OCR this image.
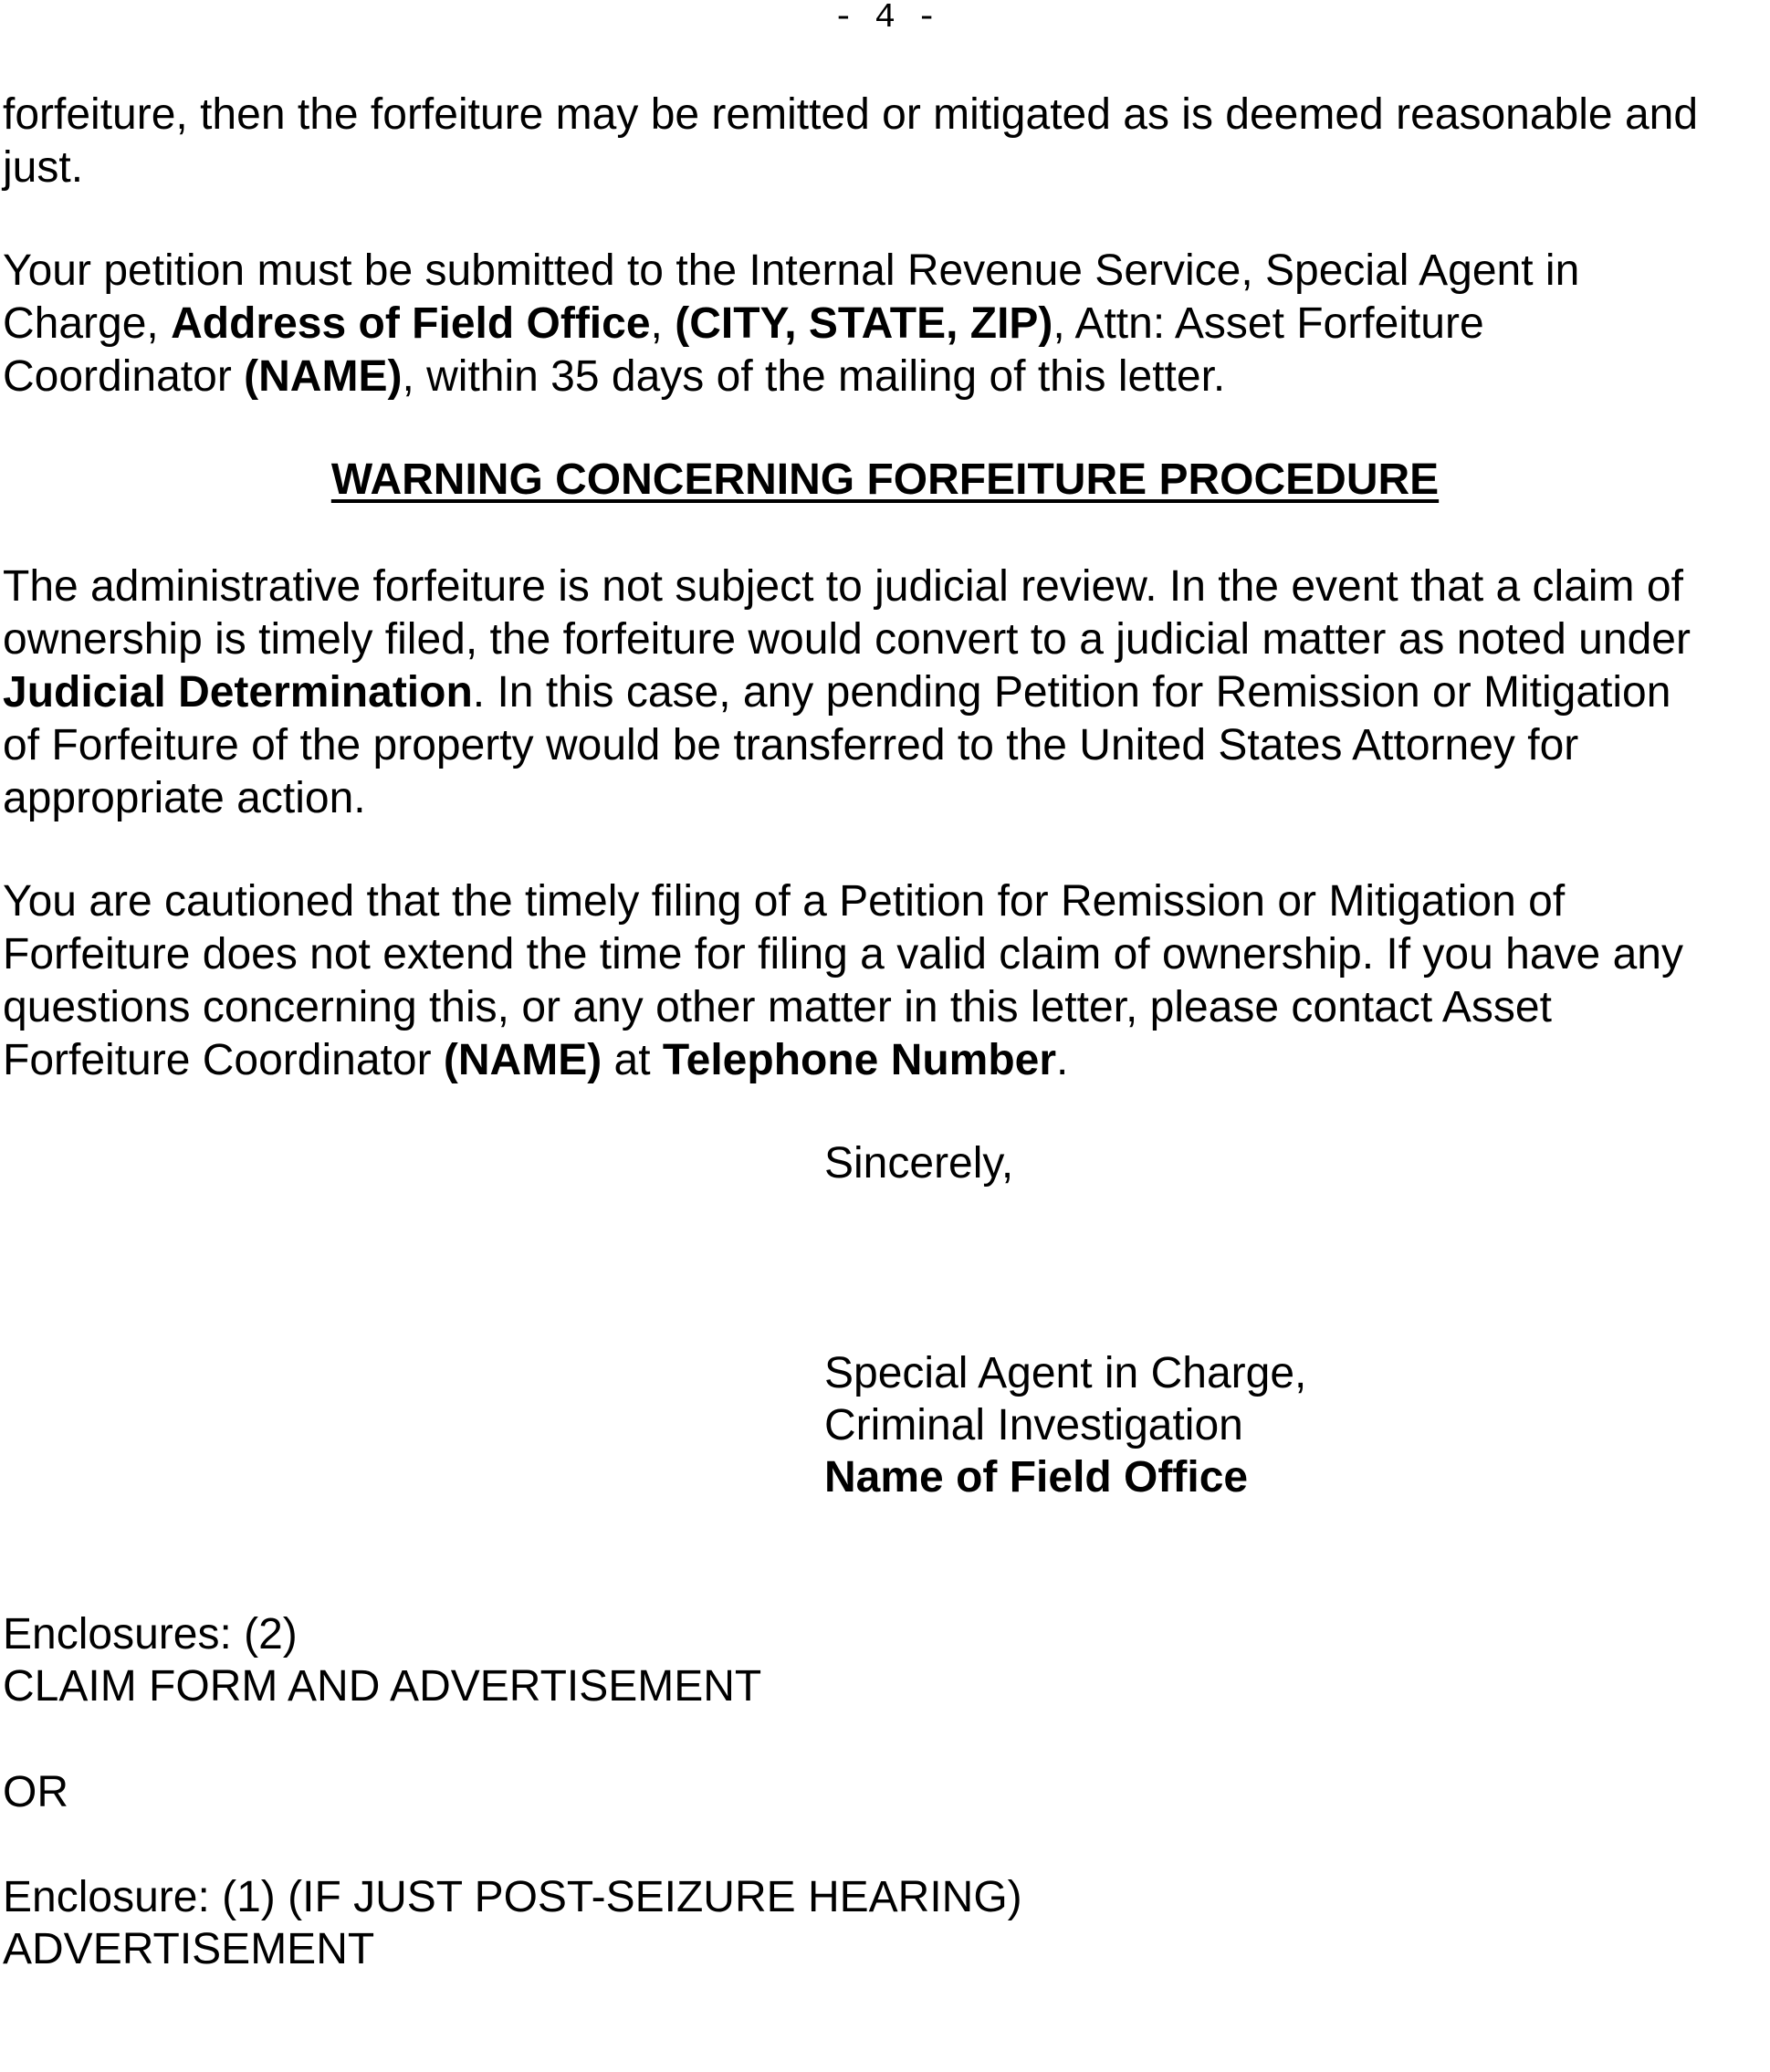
- 4 -
forfeiture, then the forfeiture may be remitted or mitigated as is deemed reasonable and
just.
Your petition must be submitted to the Internal Revenue Service, Special Agent in
Charge, Address of Field Office, (CITY, STATE, ZIP), Attn: Asset Forfeiture
Coordinator (NAME), within 35 days of the mailing of this letter.
WARNING CONCERNING FORFEITURE PROCEDURE
The administrative forfeiture is not subject to judicial review. In the event that a claim of
ownership is timely filed, the forfeiture would convert to a judicial matter as noted under
Judicial Determination. In this case, any pending Petition for Remission or Mitigation
of Forfeiture of the property would be transferred to the United States Attorney for
appropriate action.
You are cautioned that the timely filing of a Petition for Remission or Mitigation of
Forfeiture does not extend the time for filing a valid claim of ownership. If you have any
questions concerning this, or any other matter in this letter, please contact Asset
Forfeiture Coordinator (NAME) at Telephone Number.
Sincerely,
Special Agent in Charge,
Criminal Investigation
Name of Field Office
Enclosures: (2)
CLAIM FORM AND ADVERTISEMENT
OR
Enclosure: (1) (IF JUST POST-SEIZURE HEARING)
ADVERTISEMENT
